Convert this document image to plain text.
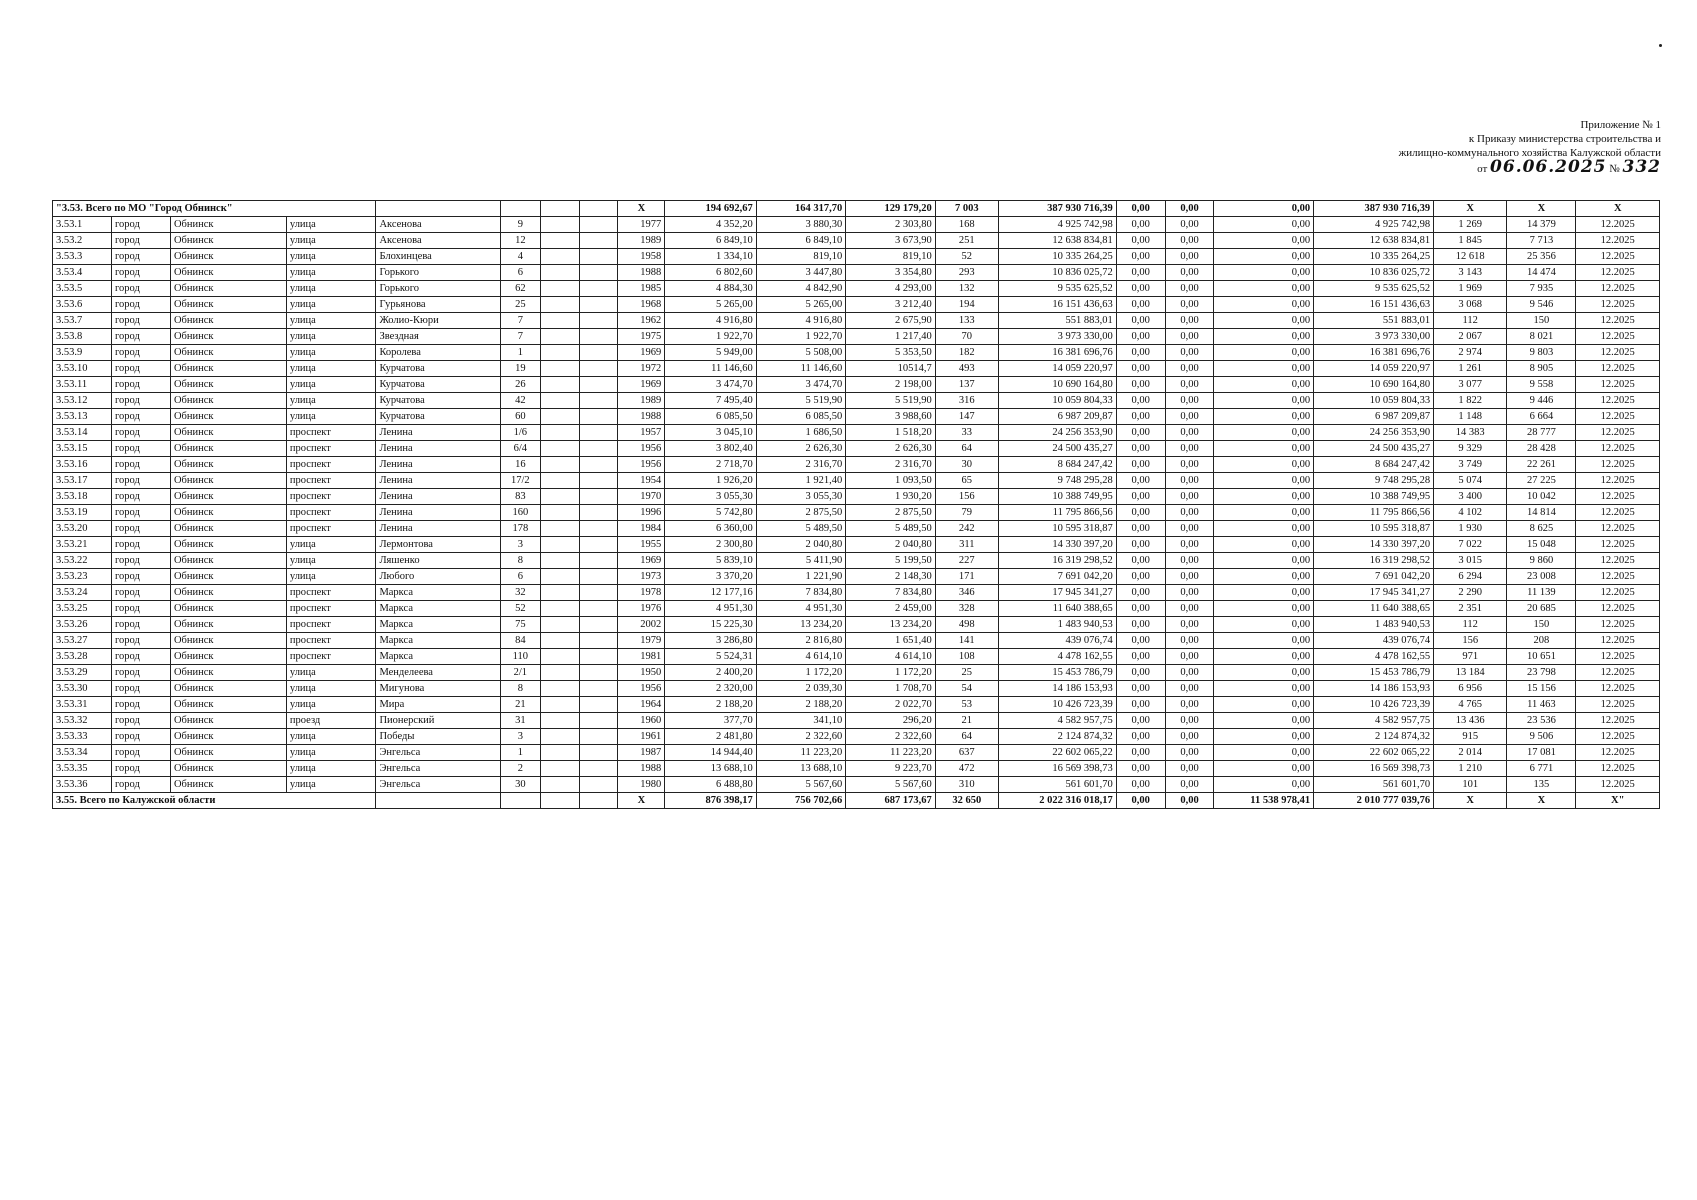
Приложение № 1
к Приказу министерства строительства и
жилищно-коммунального хозяйства Калужской области
от 06.06.2025 № 332
"3.53. Всего по МО "Город Обнинск"								X	194 692,67	164 317,70	129 179,20	7 003	387 930 716,39	0,00	0,00	0,00	387 930 716,39	X	X	X
3.53.1	город	Обнинск	улица	Аксенова	9			1977	4 352,20	3 880,30	2 303,80	168	4 925 742,98	0,00	0,00	0,00	4 925 742,98	1 269	14 379	12.2025
3.53.2	город	Обнинск	улица	Аксенова	12			1989	6 849,10	6 849,10	3 673,90	251	12 638 834,81	0,00	0,00	0,00	12 638 834,81	1 845	7 713	12.2025
3.53.3	город	Обнинск	улица	Блохинцева	4			1958	1 334,10	819,10	819,10	52	10 335 264,25	0,00	0,00	0,00	10 335 264,25	12 618	25 356	12.2025
3.53.4	город	Обнинск	улица	Горького	6			1988	6 802,60	3 447,80	3 354,80	293	10 836 025,72	0,00	0,00	0,00	10 836 025,72	3 143	14 474	12.2025
3.53.5	город	Обнинск	улица	Горького	62			1985	4 884,30	4 842,90	4 293,00	132	9 535 625,52	0,00	0,00	0,00	9 535 625,52	1 969	7 935	12.2025
3.53.6	город	Обнинск	улица	Гурьянова	25			1968	5 265,00	5 265,00	3 212,40	194	16 151 436,63	0,00	0,00	0,00	16 151 436,63	3 068	9 546	12.2025
3.53.7	город	Обнинск	улица	Жолио-Кюри	7			1962	4 916,80	4 916,80	2 675,90	133	551 883,01	0,00	0,00	0,00	551 883,01	112	150	12.2025
3.53.8	город	Обнинск	улица	Звездная	7			1975	1 922,70	1 922,70	1 217,40	70	3 973 330,00	0,00	0,00	0,00	3 973 330,00	2 067	8 021	12.2025
3.53.9	город	Обнинск	улица	Королева	1			1969	5 949,00	5 508,00	5 353,50	182	16 381 696,76	0,00	0,00	0,00	16 381 696,76	2 974	9 803	12.2025
3.53.10	город	Обнинск	улица	Курчатова	19			1972	11 146,60	11 146,60	10514,7	493	14 059 220,97	0,00	0,00	0,00	14 059 220,97	1 261	8 905	12.2025
3.53.11	город	Обнинск	улица	Курчатова	26			1969	3 474,70	3 474,70	2 198,00	137	10 690 164,80	0,00	0,00	0,00	10 690 164,80	3 077	9 558	12.2025
3.53.12	город	Обнинск	улица	Курчатова	42			1989	7 495,40	5 519,90	5 519,90	316	10 059 804,33	0,00	0,00	0,00	10 059 804,33	1 822	9 446	12.2025
3.53.13	город	Обнинск	улица	Курчатова	60			1988	6 085,50	6 085,50	3 988,60	147	6 987 209,87	0,00	0,00	0,00	6 987 209,87	1 148	6 664	12.2025
3.53.14	город	Обнинск	проспект	Ленина	1/6			1957	3 045,10	1 686,50	1 518,20	33	24 256 353,90	0,00	0,00	0,00	24 256 353,90	14 383	28 777	12.2025
3.53.15	город	Обнинск	проспект	Ленина	6/4			1956	3 802,40	2 626,30	2 626,30	64	24 500 435,27	0,00	0,00	0,00	24 500 435,27	9 329	28 428	12.2025
3.53.16	город	Обнинск	проспект	Ленина	16			1956	2 718,70	2 316,70	2 316,70	30	8 684 247,42	0,00	0,00	0,00	8 684 247,42	3 749	22 261	12.2025
3.53.17	город	Обнинск	проспект	Ленина	17/2			1954	1 926,20	1 921,40	1 093,50	65	9 748 295,28	0,00	0,00	0,00	9 748 295,28	5 074	27 225	12.2025
3.53.18	город	Обнинск	проспект	Ленина	83			1970	3 055,30	3 055,30	1 930,20	156	10 388 749,95	0,00	0,00	0,00	10 388 749,95	3 400	10 042	12.2025
3.53.19	город	Обнинск	проспект	Ленина	160			1996	5 742,80	2 875,50	2 875,50	79	11 795 866,56	0,00	0,00	0,00	11 795 866,56	4 102	14 814	12.2025
3.53.20	город	Обнинск	проспект	Ленина	178			1984	6 360,00	5 489,50	5 489,50	242	10 595 318,87	0,00	0,00	0,00	10 595 318,87	1 930	8 625	12.2025
3.53.21	город	Обнинск	улица	Лермонтова	3			1955	2 300,80	2 040,80	2 040,80	311	14 330 397,20	0,00	0,00	0,00	14 330 397,20	7 022	15 048	12.2025
3.53.22	город	Обнинск	улица	Ляшенко	8			1969	5 839,10	5 411,90	5 199,50	227	16 319 298,52	0,00	0,00	0,00	16 319 298,52	3 015	9 860	12.2025
3.53.23	город	Обнинск	улица	Любого	6			1973	3 370,20	1 221,90	2 148,30	171	7 691 042,20	0,00	0,00	0,00	7 691 042,20	6 294	23 008	12.2025
3.53.24	город	Обнинск	проспект	Маркса	32			1978	12 177,16	7 834,80	7 834,80	346	17 945 341,27	0,00	0,00	0,00	17 945 341,27	2 290	11 139	12.2025
3.53.25	город	Обнинск	проспект	Маркса	52			1976	4 951,30	4 951,30	2 459,00	328	11 640 388,65	0,00	0,00	0,00	11 640 388,65	2 351	20 685	12.2025
3.53.26	город	Обнинск	проспект	Маркса	75			2002	15 225,30	13 234,20	13 234,20	498	1 483 940,53	0,00	0,00	0,00	1 483 940,53	112	150	12.2025
3.53.27	город	Обнинск	проспект	Маркса	84			1979	3 286,80	2 816,80	1 651,40	141	439 076,74	0,00	0,00	0,00	439 076,74	156	208	12.2025
3.53.28	город	Обнинск	проспект	Маркса	110			1981	5 524,31	4 614,10	4 614,10	108	4 478 162,55	0,00	0,00	0,00	4 478 162,55	971	10 651	12.2025
3.53.29	город	Обнинск	улица	Менделеева	2/1			1950	2 400,20	1 172,20	1 172,20	25	15 453 786,79	0,00	0,00	0,00	15 453 786,79	13 184	23 798	12.2025
3.53.30	город	Обнинск	улица	Мигунова	8			1956	2 320,00	2 039,30	1 708,70	54	14 186 153,93	0,00	0,00	0,00	14 186 153,93	6 956	15 156	12.2025
3.53.31	город	Обнинск	улица	Мира	21			1964	2 188,20	2 188,20	2 022,70	53	10 426 723,39	0,00	0,00	0,00	10 426 723,39	4 765	11 463	12.2025
3.53.32	город	Обнинск	проезд	Пионерский	31			1960	377,70	341,10	296,20	21	4 582 957,75	0,00	0,00	0,00	4 582 957,75	13 436	23 536	12.2025
3.53.33	город	Обнинск	улица	Победы	3			1961	2 481,80	2 322,60	2 322,60	64	2 124 874,32	0,00	0,00	0,00	2 124 874,32	915	9 506	12.2025
3.53.34	город	Обнинск	улица	Энгельса	1			1987	14 944,40	11 223,20	11 223,20	637	22 602 065,22	0,00	0,00	0,00	22 602 065,22	2 014	17 081	12.2025
3.53.35	город	Обнинск	улица	Энгельса	2			1988	13 688,10	13 688,10	9 223,70	472	16 569 398,73	0,00	0,00	0,00	16 569 398,73	1 210	6 771	12.2025
3.53.36	город	Обнинск	улица	Энгельса	30			1980	6 488,80	5 567,60	5 567,60	310	561 601,70	0,00	0,00	0,00	561 601,70	101	135	12.2025
3.55. Всего по Калужской области								X	876 398,17	756 702,66	687 173,67	32 650	2 022 316 018,17	0,00	0,00	11 538 978,41	2 010 777 039,76	X	X	X"
